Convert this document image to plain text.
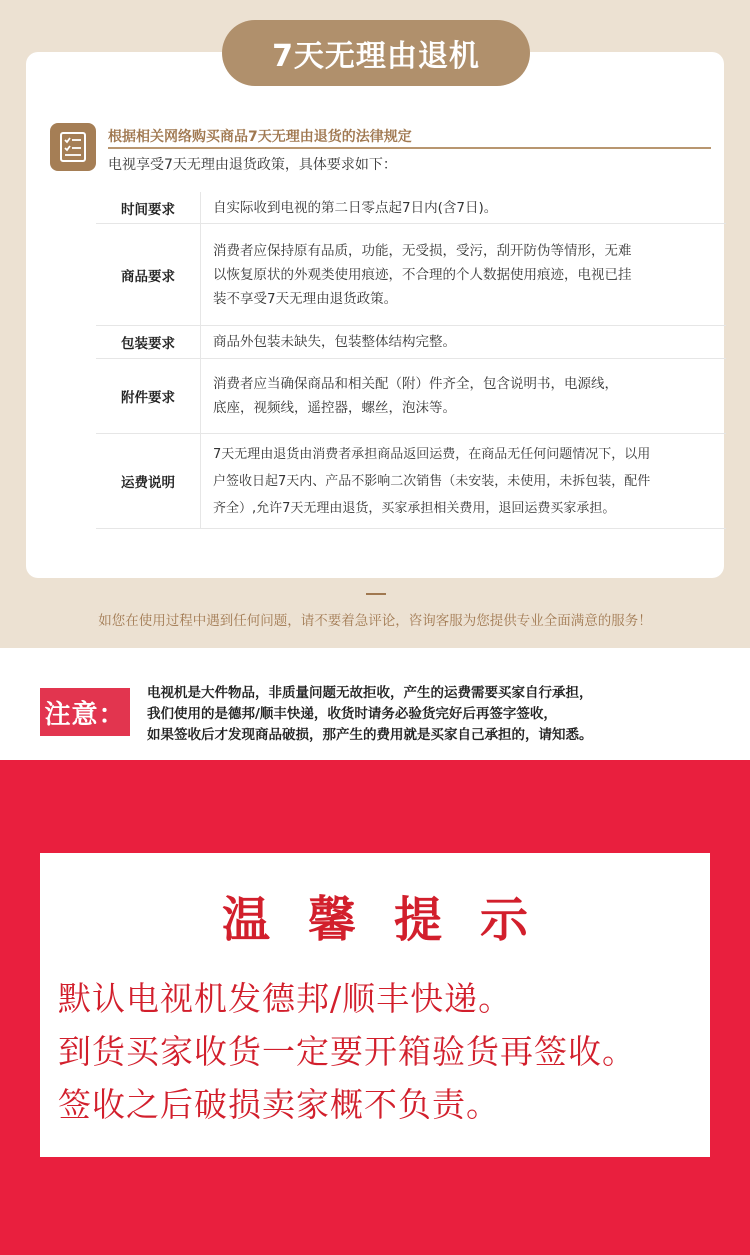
7天无理由退机
根据相关网络购买商品7天无理由退货的法律规定
电视享受7天无理由退货政策，具体要求如下：
时间要求	自实际收到电视的第二日零点起7日内(含7日)。

商品要求	消费者应保持原有品质，功能，无受损，受污，刮开防伪等情形，无难
以恢复原状的外观类使用痕迹，不合理的个人数据使用痕迹，电视已挂
装不享受7天无理由退货政策。

包装要求	商品外包装未缺失，包装整体结构完整。

附件要求	消费者应当确保商品和相关配（附）件齐全，包含说明书，电源线，
底座，视频线，遥控器，螺丝，泡沫等。

运费说明	7天无理由退货由消费者承担商品返回运费，在商品无任何问题情况下，以用
户签收日起7天内、产品不影响二次销售（未安装，未使用，未拆包装，配件
齐全）,允许7天无理由退货，买家承担相关费用，退回运费买家承担。
如您在使用过程中遇到任何问题，请不要着急评论，咨询客服为您提供专业全面满意的服务！
注意：
电视机是大件物品，非质量问题无故拒收，产生的运费需要买家自行承担，
我们使用的是德邦/顺丰快递，收货时请务必验货完好后再签字签收，
如果签收后才发现商品破损，那产生的费用就是买家自己承担的，请知悉。
温馨提示
默认电视机发德邦/顺丰快递。
到货买家收货一定要开箱验货再签收。
签收之后破损卖家概不负责。
